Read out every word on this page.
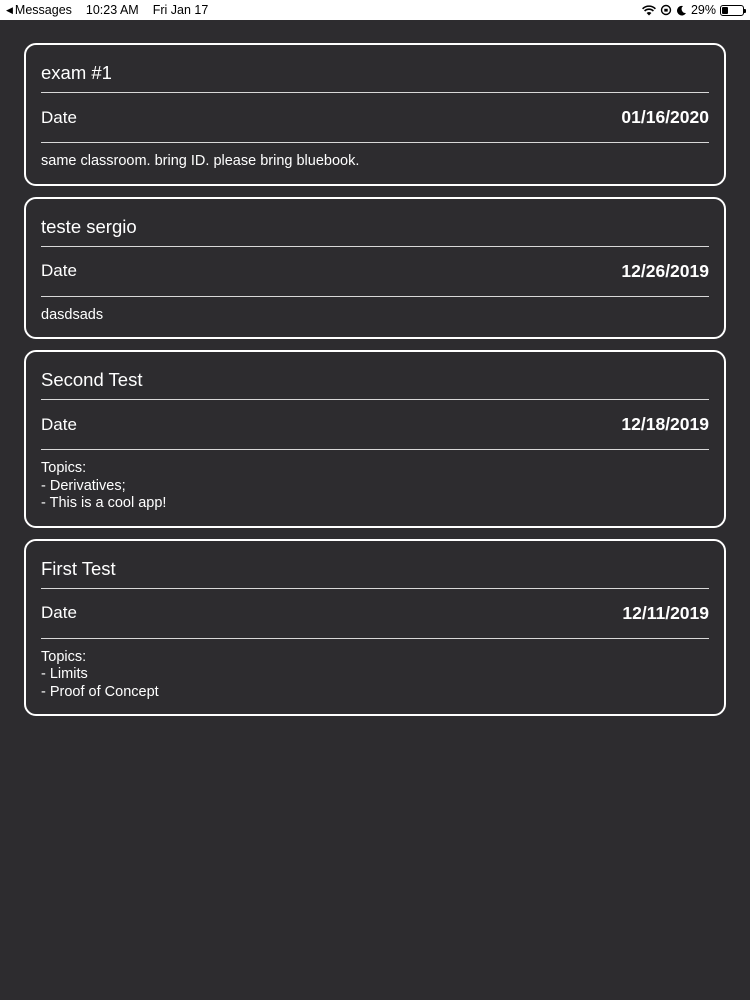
◀ Messages 10:23 AM Fri Jan 17	29%
exam #1
Date	01/16/2020
same classroom. bring ID. please bring bluebook.
teste sergio
Date	12/26/2019
dasdsads
Second Test
Date	12/18/2019
Topics:
- Derivatives;
- This is a cool app!
First Test
Date	12/11/2019
Topics:
- Limits
- Proof of Concept
